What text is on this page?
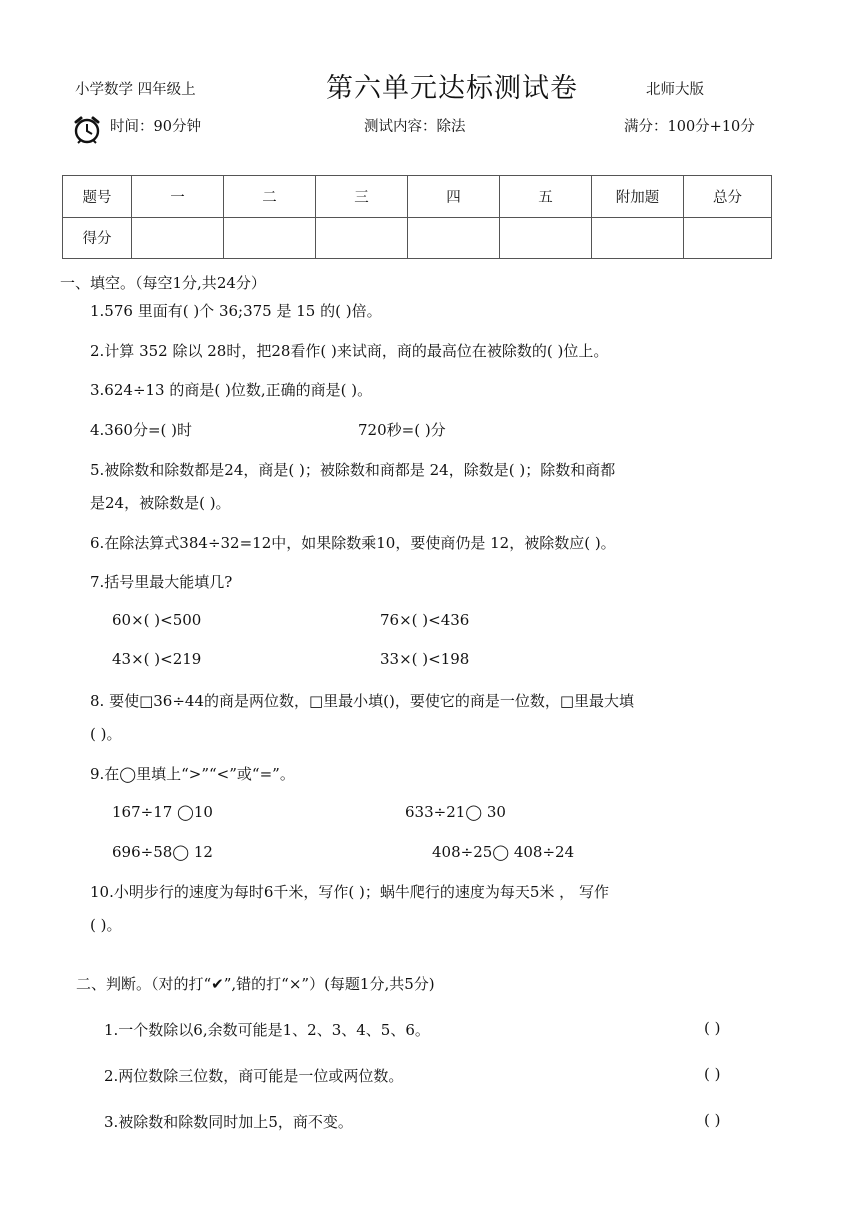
小学数学 四年级上	第六单元达标测试卷	北师大版
时间：90分钟	测试内容：除法	满分：100分+10分
题号	一	二	三	四	五	附加题	总分
得分							
一、填空。（每空1分,共24分）
1.576 里面有( )个 36;375 是 15 的( )倍。
2.计算 352 除以 28时，把28看作( )来试商，商的最高位在被除数的( )位上。
3.624÷13 的商是( )位数,正确的商是( )。
4.360分=( )时	720秒=( )分
5.被除数和除数都是24，商是( )；被除数和商都是 24，除数是( )；除数和商都
是24，被除数是( )。
6.在除法算式384÷32=12中，如果除数乘10，要使商仍是 12，被除数应( )。
7.括号里最大能填几?
60×( )<500	76×( )<436
43×( )<219	33×( )<198
8. 要使□36÷44的商是两位数，□里最小填()，要使它的商是一位数，□里最大填
( )。
9.在◯里填上“>”“<”或“=”。
167÷17 ◯10	633÷21◯ 30
696÷58◯ 12	408÷25◯ 408÷24
10.小明步行的速度为每时6千米，写作( )；蜗牛爬行的速度为每天5米 ， 写作
( )。
二、判断。（对的打“✔”,错的打“×”）(每题1分,共5分)
1.一个数除以6,余数可能是1、2、3、4、5、6。	( )
2.两位数除三位数，商可能是一位或两位数。	( )
3.被除数和除数同时加上5，商不变。	( )
